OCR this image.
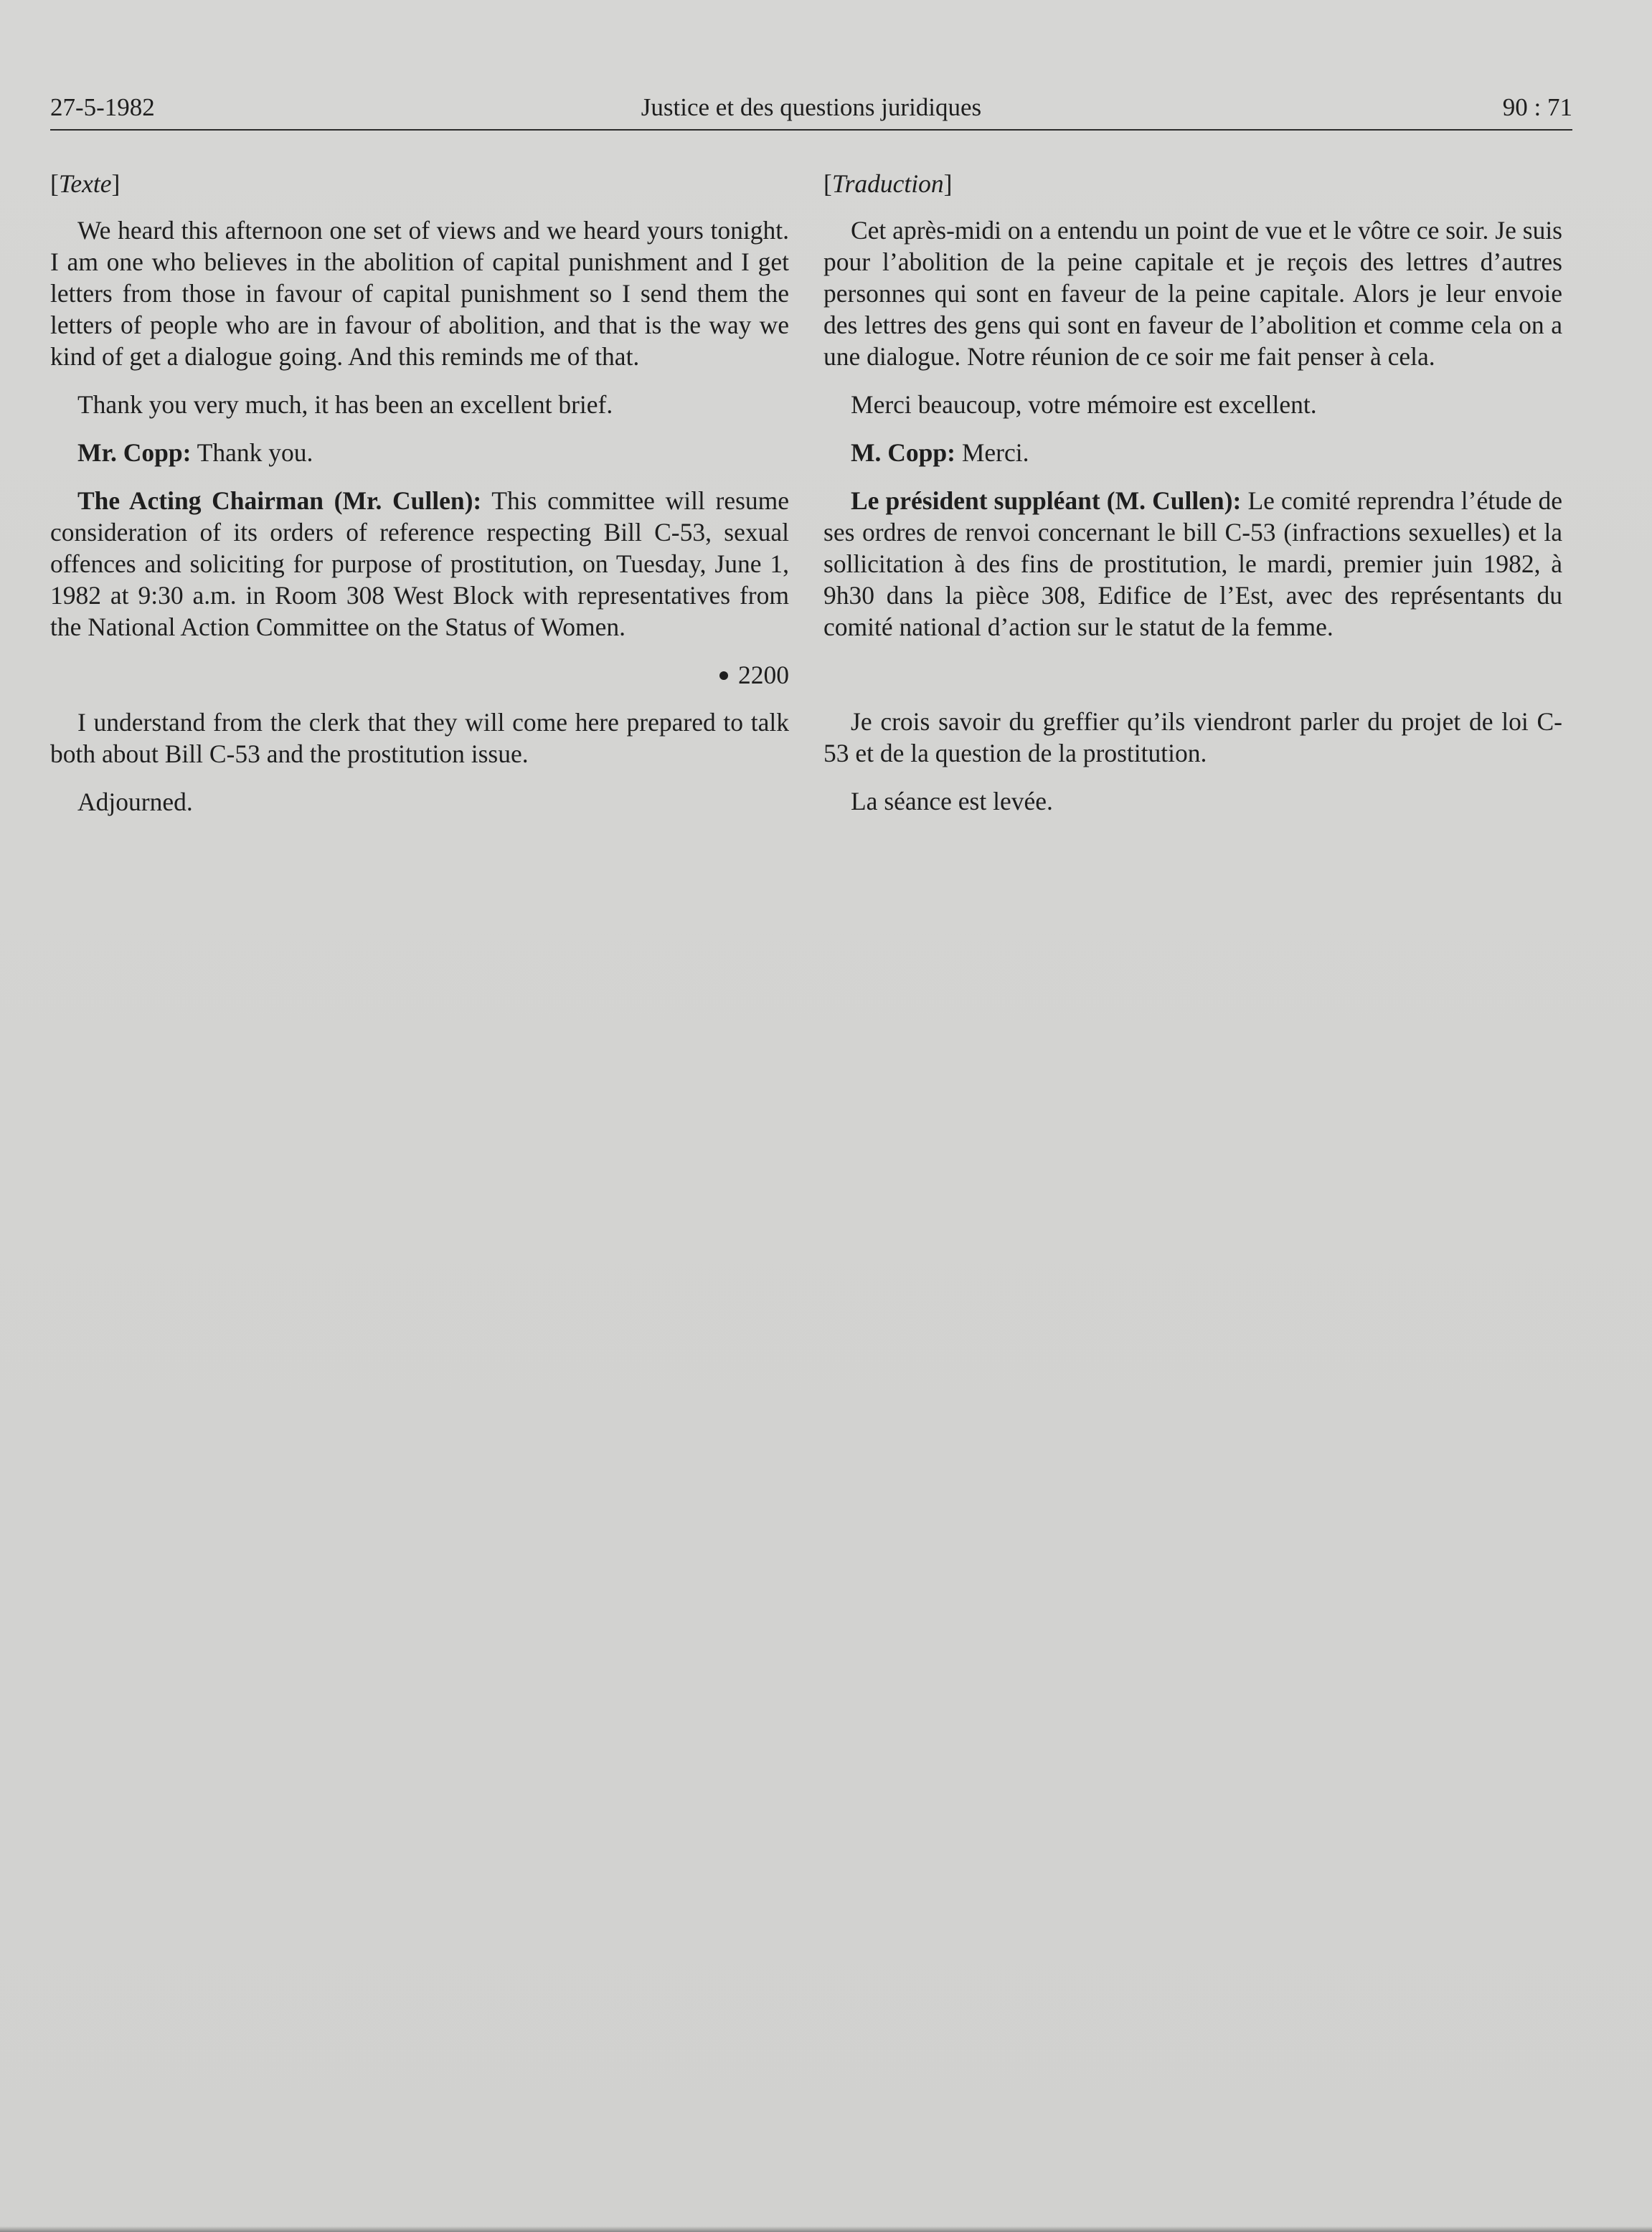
27-5-1982	Justice et des questions juridiques	90 : 71

[Texte]

We heard this afternoon one set of views and we heard yours tonight. I am one who believes in the abolition of capital punishment and I get letters from those in favour of capital punishment so I send them the letters of people who are in favour of abolition, and that is the way we kind of get a dialogue going. And this reminds me of that.

Thank you very much, it has been an excellent brief.

Mr. Copp: Thank you.

The Acting Chairman (Mr. Cullen): This committee will resume consideration of its orders of reference respecting Bill C-53, sexual offences and soliciting for purpose of prostitution, on Tuesday, June 1, 1982 at 9:30 a.m. in Room 308 West Block with representatives from the National Action Committee on the Status of Women.

2200

I understand from the clerk that they will come here prepared to talk both about Bill C-53 and the prostitution issue.

Adjourned.

[Traduction]

Cet après-midi on a entendu un point de vue et le vôtre ce soir. Je suis pour l’abolition de la peine capitale et je reçois des lettres d’autres personnes qui sont en faveur de la peine capitale. Alors je leur envoie des lettres des gens qui sont en faveur de l’abolition et comme cela on a une dialogue. Notre réunion de ce soir me fait penser à cela.

Merci beaucoup, votre mémoire est excellent.

M. Copp: Merci.

Le président suppléant (M. Cullen): Le comité reprendra l’étude de ses ordres de renvoi concernant le bill C-53 (infractions sexuelles) et la sollicitation à des fins de prostitution, le mardi, premier juin 1982, à 9h30 dans la pièce 308, Edifice de l’Est, avec des représentants du comité national d’action sur le statut de la femme.

Je crois savoir du greffier qu’ils viendront parler du projet de loi C-53 et de la question de la prostitution.

La séance est levée.
